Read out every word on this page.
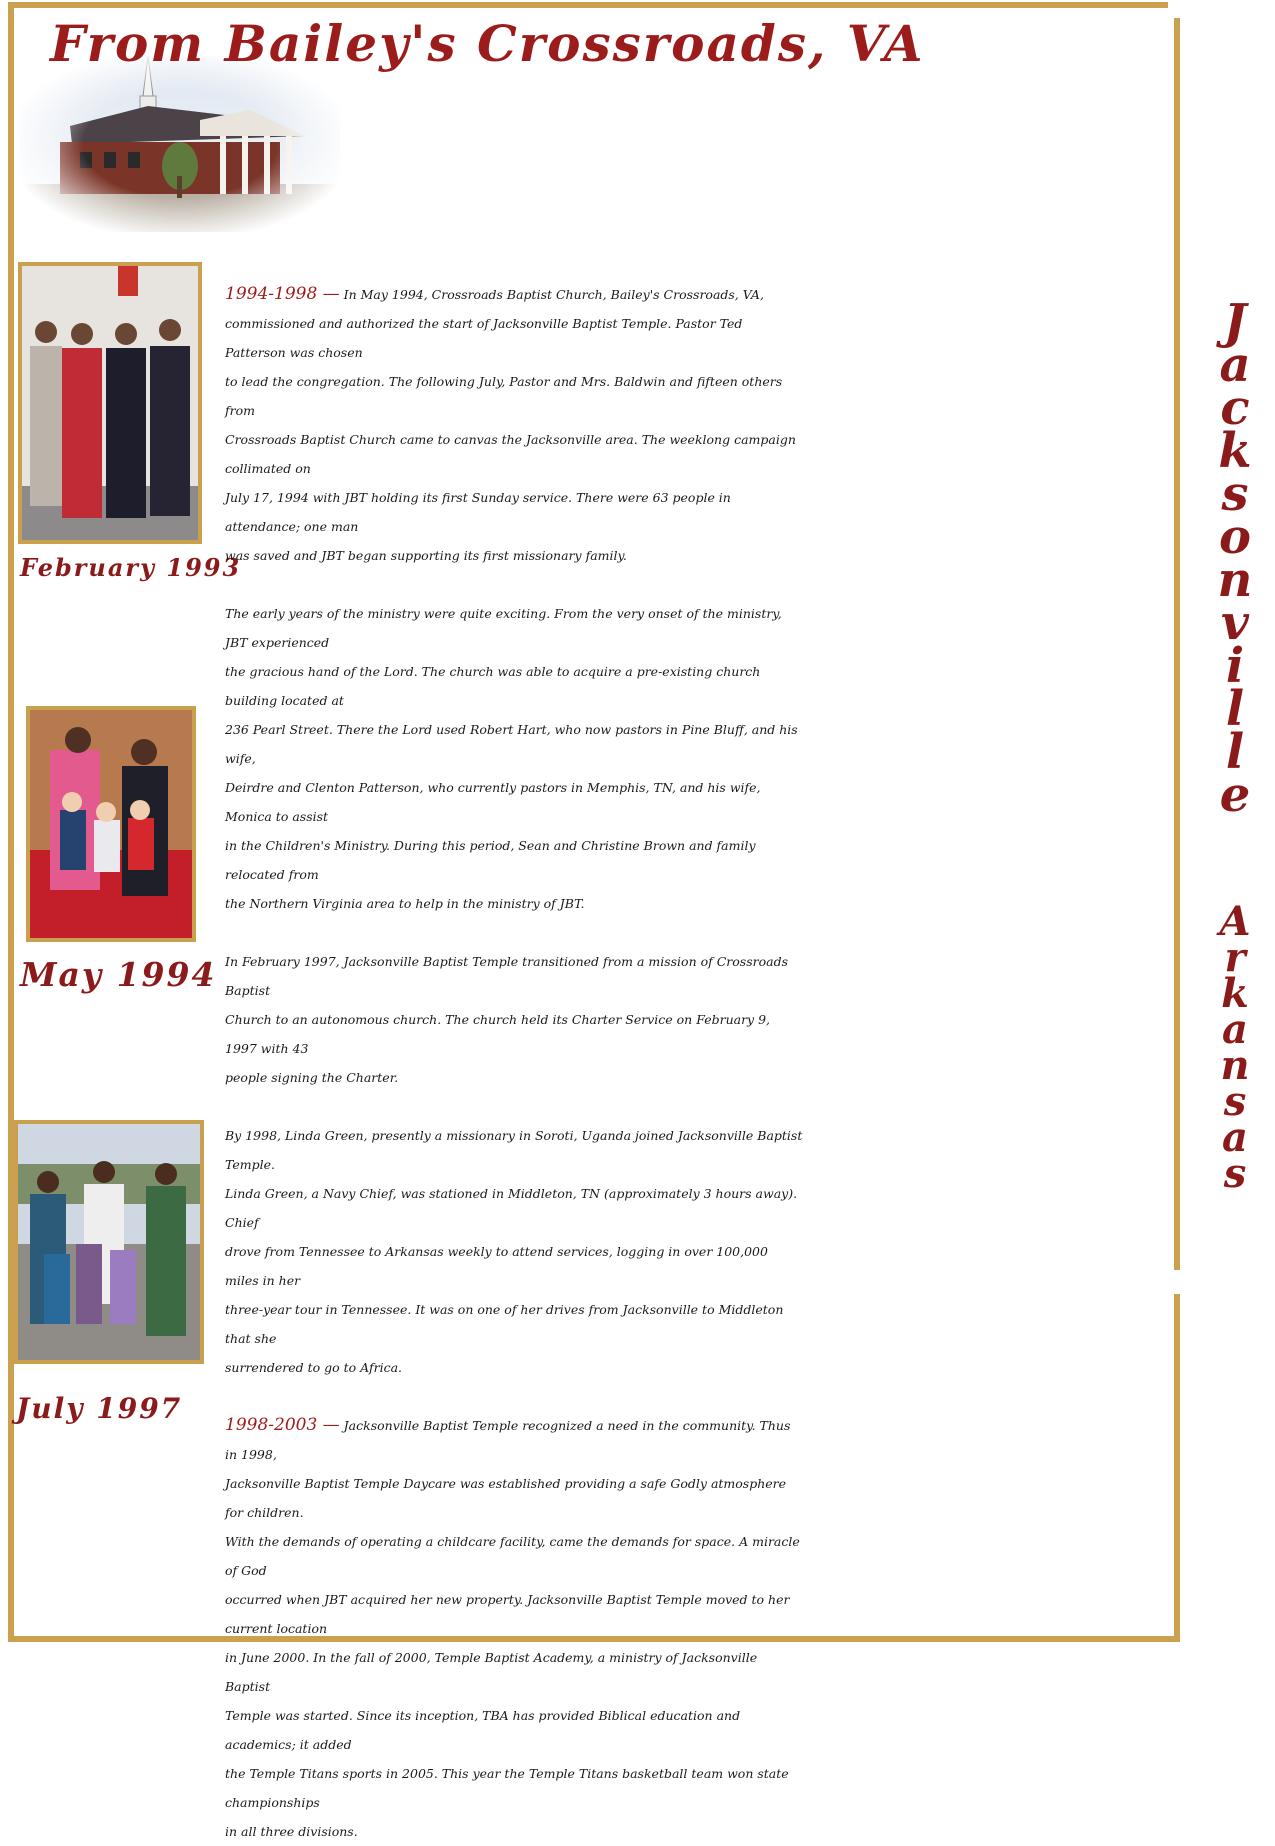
From Bailey's Crossroads, VA

February 1993

May 1994

July 1997

1994-1998 — In May 1994, Crossroads Baptist Church, Bailey's Crossroads, VA,

commissioned and authorized the start of Jacksonville Baptist Temple. Pastor Ted Patterson was chosen

to lead the congregation. The following July, Pastor and Mrs. Baldwin and fifteen others from

Crossroads Baptist Church came to canvas the Jacksonville area. The weeklong campaign collimated on

July 17, 1994 with JBT holding its first Sunday service. There were 63 people in attendance; one man

was saved and JBT began supporting its first missionary family.

The early years of the ministry were quite exciting. From the very onset of the ministry, JBT experienced

the gracious hand of the Lord. The church was able to acquire a pre-existing church building located at

236 Pearl Street. There the Lord used Robert Hart, who now pastors in Pine Bluff, and his wife,

Deirdre and Clenton Patterson, who currently pastors in Memphis, TN, and his wife, Monica to assist

in the Children's Ministry. During this period, Sean and Christine Brown and family relocated from

the Northern Virginia area to help in the ministry of JBT.

In February 1997, Jacksonville Baptist Temple transitioned from a mission of Crossroads Baptist

Church to an autonomous church. The church held its Charter Service on February 9, 1997 with 43

people signing the Charter.

By 1998, Linda Green, presently a missionary in Soroti, Uganda joined Jacksonville Baptist Temple.

Linda Green, a Navy Chief, was stationed in Middleton, TN (approximately 3 hours away). Chief

drove from Tennessee to Arkansas weekly to attend services, logging in over 100,000 miles in her

three-year tour in Tennessee. It was on one of her drives from Jacksonville to Middleton that she

surrendered to go to Africa.

1998-2003 — Jacksonville Baptist Temple recognized a need in the community. Thus in 1998,

Jacksonville Baptist Temple Daycare was established providing a safe Godly atmosphere for children.

With the demands of operating a childcare facility, came the demands for space. A miracle of God

occurred when JBT acquired her new property. Jacksonville Baptist Temple moved to her current location

in June 2000. In the fall of 2000, Temple Baptist Academy, a ministry of Jacksonville Baptist

Temple was started. Since its inception, TBA has provided Biblical education and academics; it added

the Temple Titans sports in 2005. This year the Temple Titans basketball team won state championships

in all three divisions.

J
a
c
k
s
o
n
v
i
l
l
e
A
r
k
a
n
s
a
s
